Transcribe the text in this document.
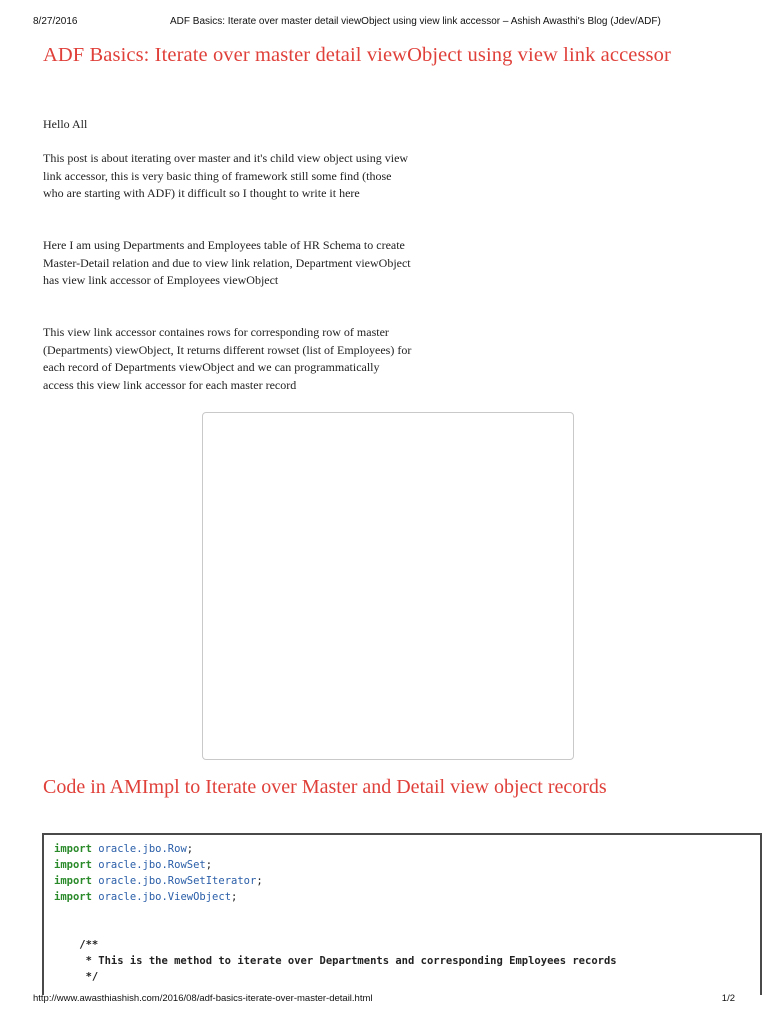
8/27/2016	ADF Basics: Iterate over master detail viewObject using view link accessor – Ashish Awasthi's Blog (Jdev/ADF)
ADF Basics: Iterate over master detail viewObject using view link accessor

Hello All

This post is about iterating over master and it's child view object using view link accessor, this is very basic thing of framework still some find (those who are starting with ADF) it difficult so I thought to write it here

Here I am using Departments and Employees table of HR Schema to create Master-Detail relation and due to view link relation, Department viewObject has view link accessor of Employees viewObject

This view link accessor containes rows for corresponding row of master (Departments) viewObject, It returns different rowset (list of Employees) for each record of Departments viewObject and we can programmatically access this view link accessor for each master record

Code in AMImpl to Iterate over Master and Detail view object records
import oracle.jbo.Row;
import oracle.jbo.RowSet;
import oracle.jbo.RowSetIterator;
import oracle.jbo.ViewObject;

/**
* This is the method to iterate over Departments and corresponding Employees records
*/
http://www.awasthiashish.com/2016/08/adf-basics-iterate-over-master-detail.html	1/2
